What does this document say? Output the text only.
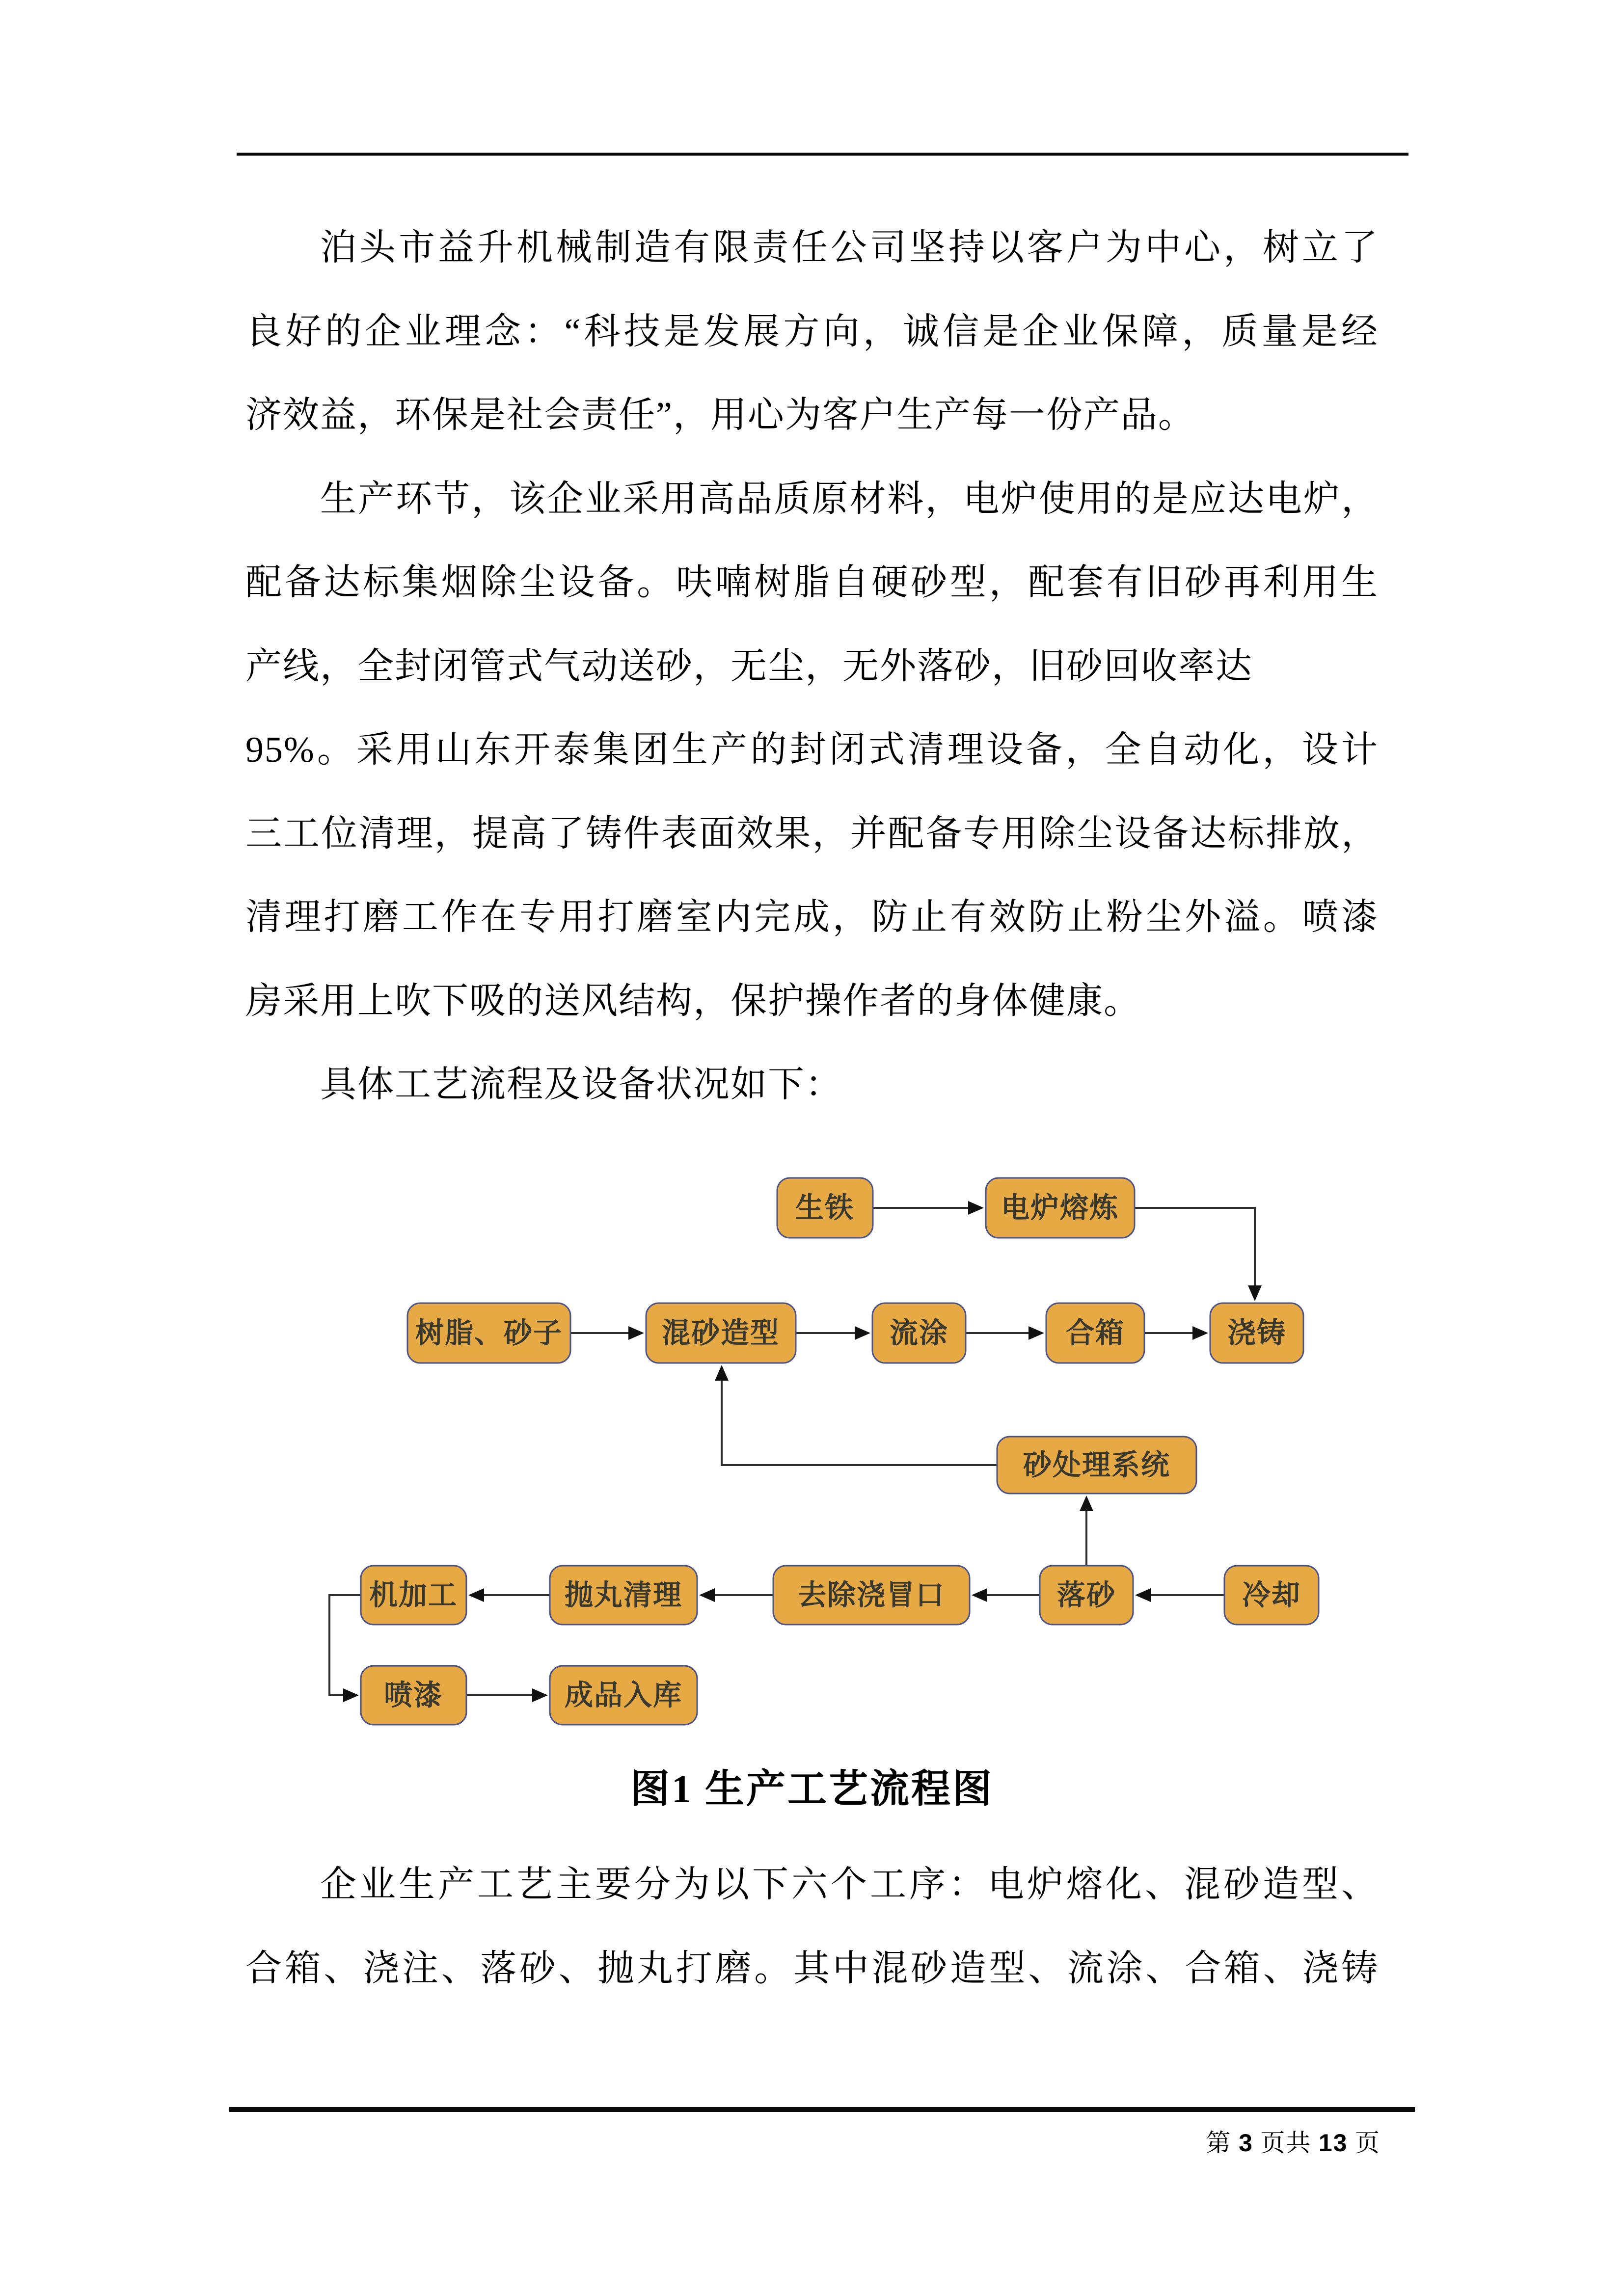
泊头市益升机械制造有限责任公司坚持以客户为中心，树立了
良好的企业理念：“科技是发展方向，诚信是企业保障，质量是经
济效益，环保是社会责任”，用心为客户生产每一份产品。
生产环节，该企业采用高品质原材料，电炉使用的是应达电炉，
配备达标集烟除尘设备。呋喃树脂自硬砂型，配套有旧砂再利用生
产线，全封闭管式气动送砂，无尘，无外落砂，旧砂回收率达
95%。采用山东开泰集团生产的封闭式清理设备，全自动化，设计
三工位清理，提高了铸件表面效果，并配备专用除尘设备达标排放，
清理打磨工作在专用打磨室内完成，防止有效防止粉尘外溢。喷漆
房采用上吹下吸的送风结构，保护操作者的身体健康。
具体工艺流程及设备状况如下：
生铁	电炉熔炼
树脂、砂子	混砂造型	流涂	合箱	浇铸
砂处理系统
机加工	抛丸清理	去除浇冒口	落砂	冷却
喷漆	成品入库
图1 生产工艺流程图
企业生产工艺主要分为以下六个工序：电炉熔化、混砂造型、
合箱、浇注、落砂、抛丸打磨。其中混砂造型、流涂、合箱、浇铸
第 3 页共 13 页
